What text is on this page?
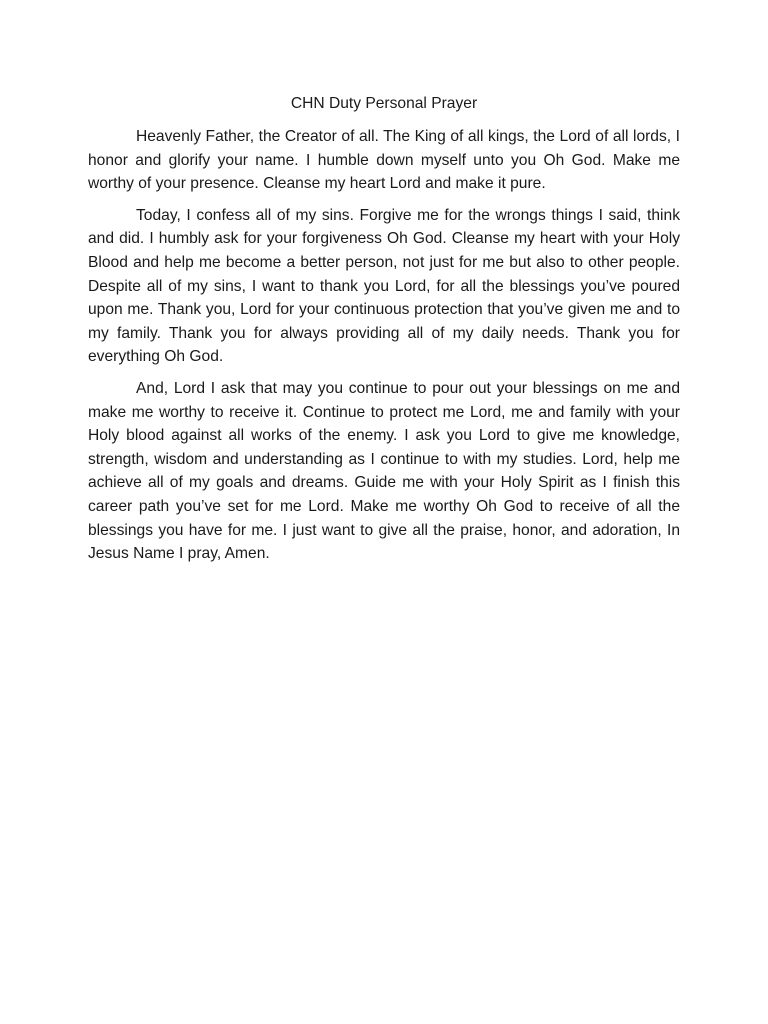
CHN Duty Personal Prayer

Heavenly Father, the Creator of all. The King of all kings, the Lord of all lords, I honor and glorify your name. I humble down myself unto you Oh God. Make me worthy of your presence. Cleanse my heart Lord and make it pure.

Today, I confess all of my sins. Forgive me for the wrongs things I said, think and did. I humbly ask for your forgiveness Oh God. Cleanse my heart with your Holy Blood and help me become a better person, not just for me but also to other people. Despite all of my sins, I want to thank you Lord, for all the blessings you’ve poured upon me. Thank you, Lord for your continuous protection that you’ve given me and to my family. Thank you for always providing all of my daily needs. Thank you for everything Oh God.

And, Lord I ask that may you continue to pour out your blessings on me and make me worthy to receive it. Continue to protect me Lord, me and family with your Holy blood against all works of the enemy. I ask you Lord to give me knowledge, strength, wisdom and understanding as I continue to with my studies. Lord, help me achieve all of my goals and dreams. Guide me with your Holy Spirit as I finish this career path you’ve set for me Lord. Make me worthy Oh God to receive of all the blessings you have for me. I just want to give all the praise, honor, and adoration, In Jesus Name I pray, Amen.
